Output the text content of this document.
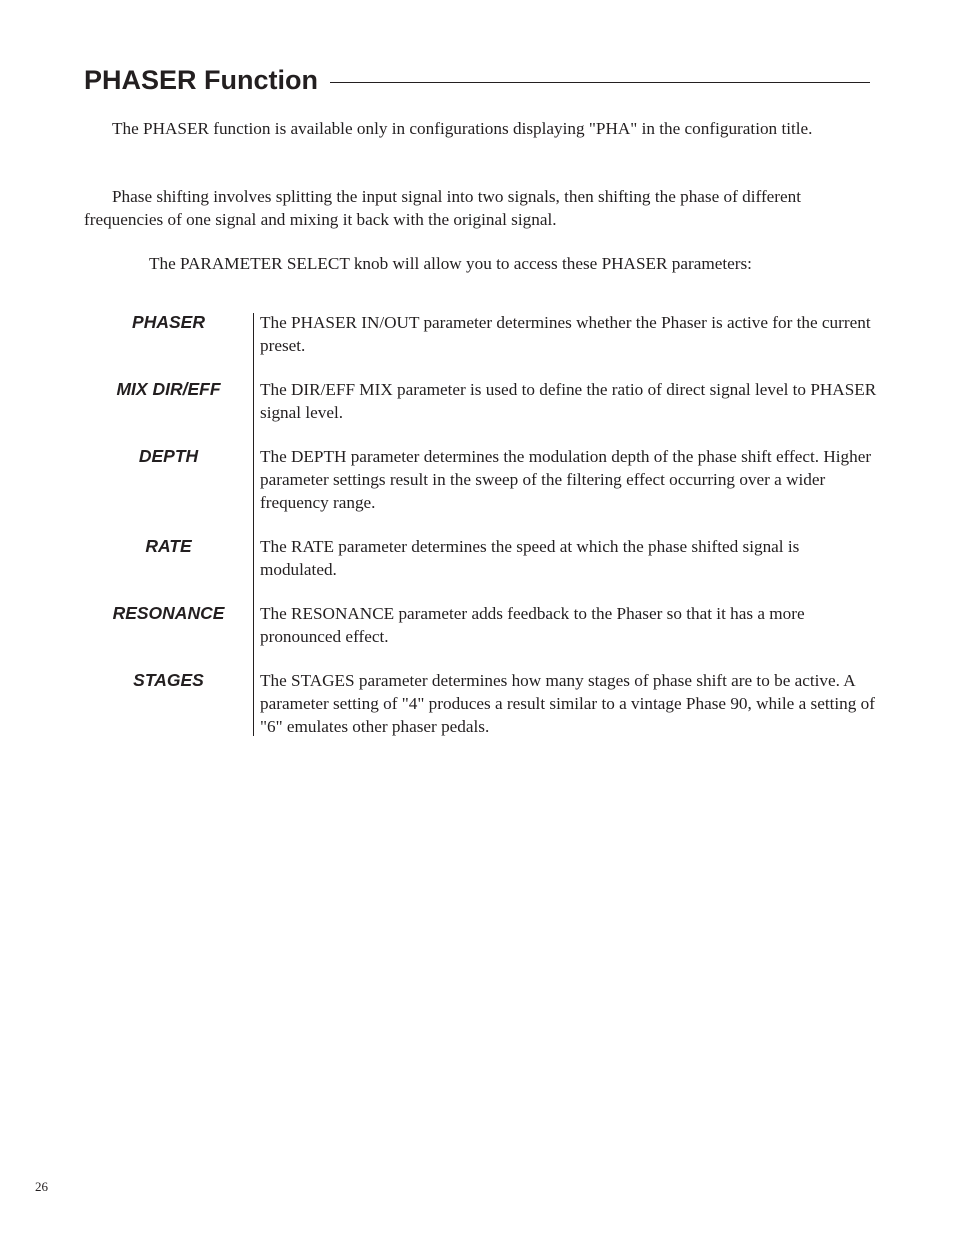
PHASER Function

The PHASER function is available only in configurations displaying "PHA" in the configuration title.

Phase shifting involves splitting the input signal into two signals, then shifting the phase of different frequencies of one signal and mixing it back with the original signal.

The PARAMETER SELECT knob will allow you to access these PHASER parameters:

PHASER	The PHASER IN/OUT parameter determines whether the Phaser is active for the current preset.
MIX DIR/EFF	The DIR/EFF MIX parameter is used to define the ratio of direct signal level to PHASER signal level.
DEPTH	The DEPTH parameter determines the modulation depth of the phase shift effect. Higher parameter settings result in the sweep of the filtering effect occurring over a wider frequency range.
RATE	The RATE parameter determines the speed at which the phase shifted signal is modulated.
RESONANCE	The RESONANCE parameter adds feedback to the Phaser so that it has a more pronounced effect.
STAGES	The STAGES parameter determines how many stages of phase shift are to be active. A parameter setting of "4" produces a result similar to a vintage Phase 90, while a setting of "6" emulates other phaser pedals.
26
